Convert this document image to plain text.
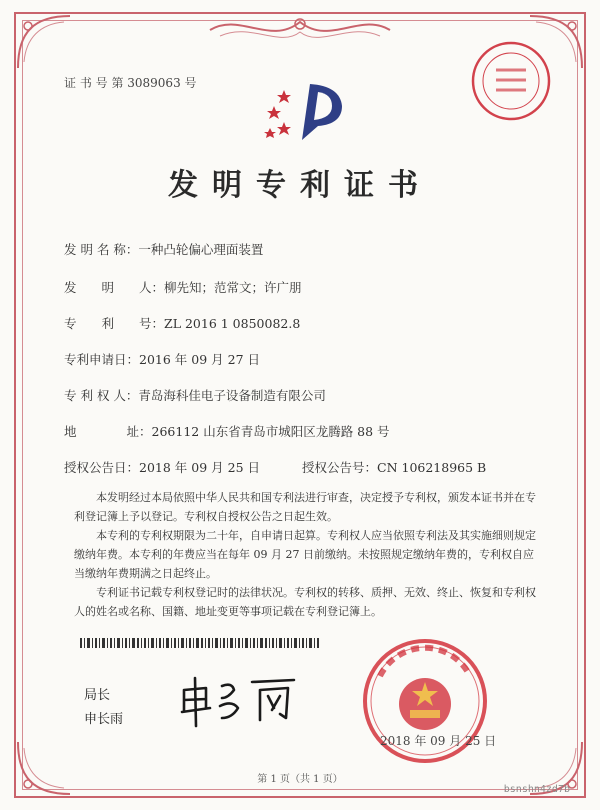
证 书 号 第 3089063 号
发明专利证书
发 明 名 称：一种凸轮偏心理面装置
发　　明　　人：柳先知；范常文；许广朋
专　　利　　号：ZL 2016 1 0850082.8
专利申请日：2016 年 09 月 27 日
专 利 权 人：青岛海科佳电子设备制造有限公司
地　　　　址：266112 山东省青岛市城阳区龙腾路 88 号
授权公告日：2018 年 09 月 25 日	授权公告号：CN 106218965 B

本发明经过本局依照中华人民共和国专利法进行审查，决定授予专利权，颁发本证书并在专利登记簿上予以登记。专利权自授权公告之日起生效。

本专利的专利权期限为二十年，自申请日起算。专利权人应当依照专利法及其实施细则规定缴纳年费。本专利的年费应当在每年 09 月 27 日前缴纳。未按照规定缴纳年费的，专利权自应当缴纳年费期满之日起终止。

专利证书记载专利权登记时的法律状况。专利权的转移、质押、无效、终止、恢复和专利权人的姓名或名称、国籍、地址变更等事项记载在专利登记簿上。

局长
申长雨
2018 年 09 月 25 日
第 1 页（共 1 页）
bsnshn4zd7b
